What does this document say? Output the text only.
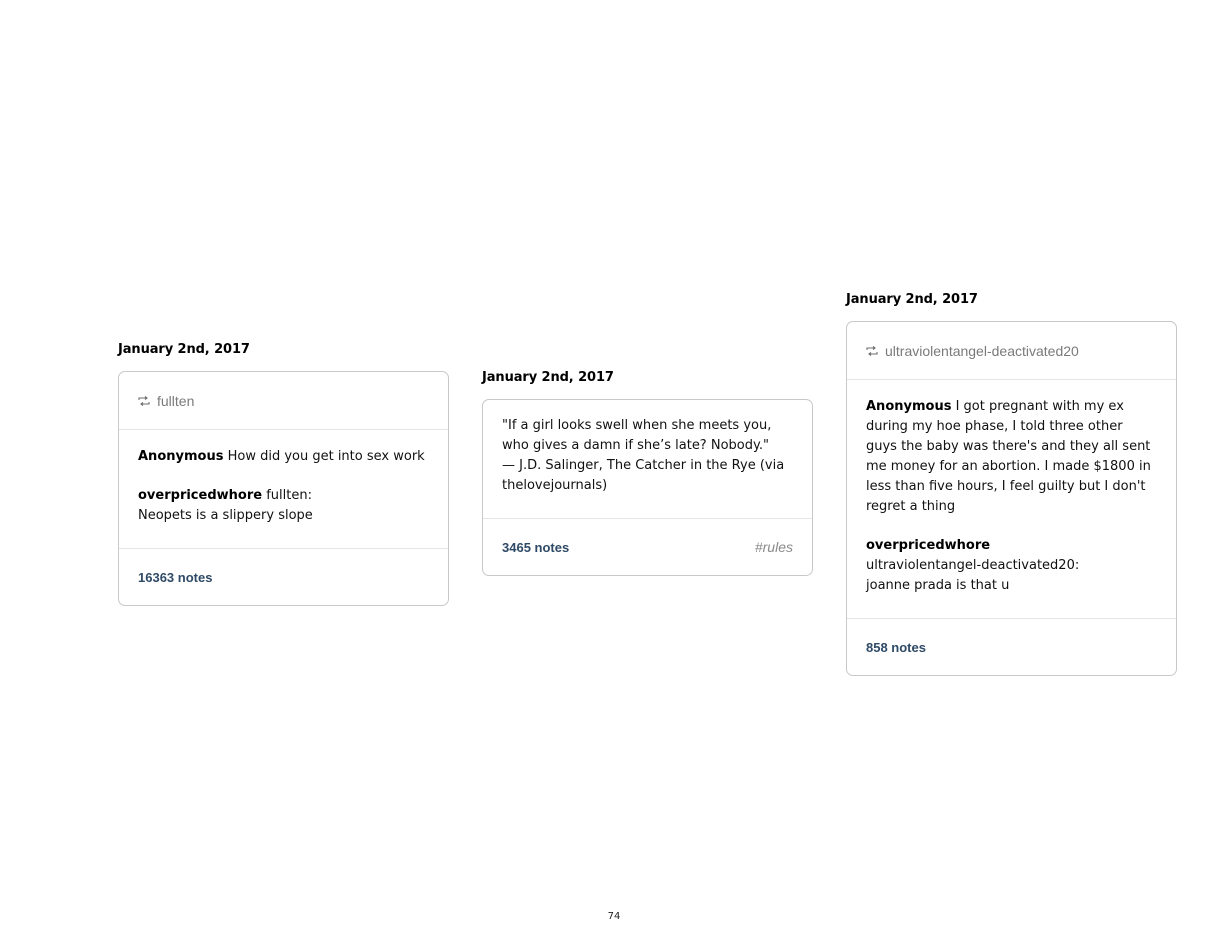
January 2nd, 2017
fullten

Anonymous How did you get into sex work

overpricedwhore fullten:

Neopets is a slippery slope

16363 notes
January 2nd, 2017

"If a girl looks swell when she meets you, who gives a damn if she’s late? Nobody."

— J.D. Salinger, The Catcher in the Rye (via thelovejournals)

3465 notes	#rules
January 2nd, 2017
ultraviolentangel-deactivated20

Anonymous I got pregnant with my ex during my hoe phase, I told three other guys the baby was there's and they all sent me money for an abortion. I made $1800 in less than five hours, I feel guilty but I don't regret a thing

overpricedwhore

ultraviolentangel-deactivated20:

joanne prada is that u

858 notes
74
